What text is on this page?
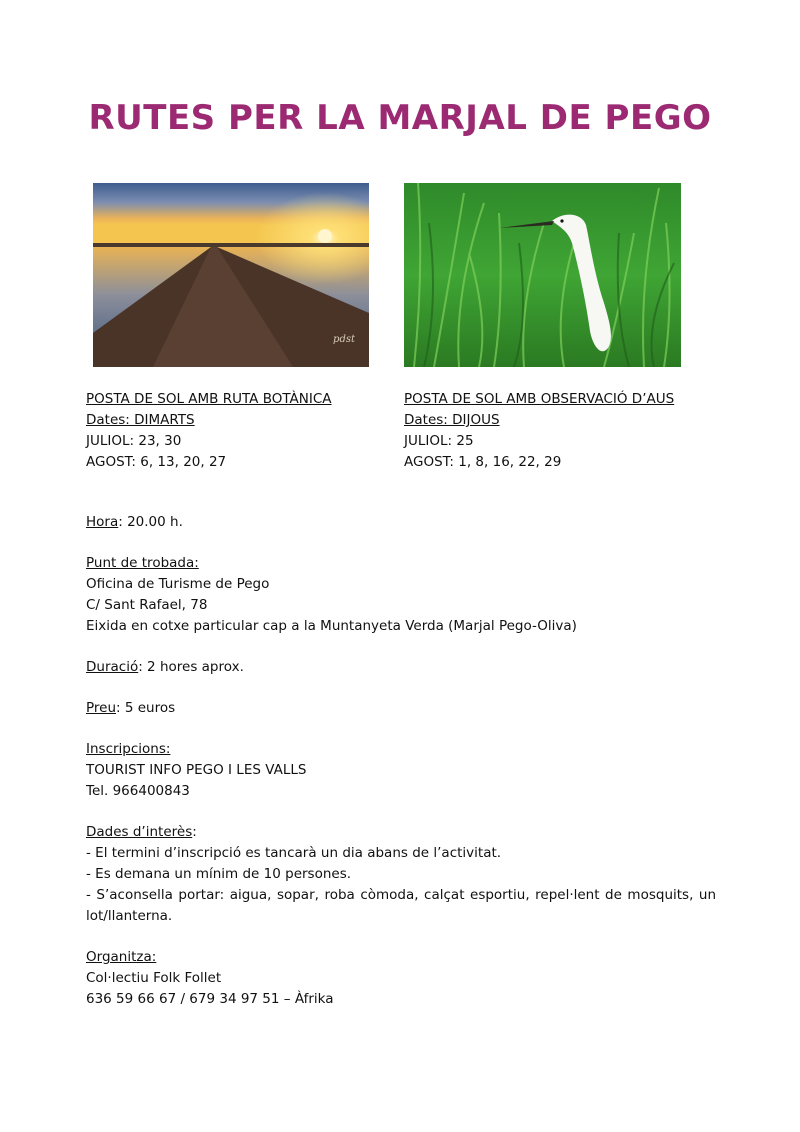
RUTES PER LA MARJAL DE PEGO
pdst
POSTA DE SOL AMB RUTA BOTÀNICA
Dates: DIMARTS
JULIOL: 23, 30
AGOST: 6, 13, 20, 27
POSTA DE SOL AMB OBSERVACIÓ D’AUS
Dates: DIJOUS
JULIOL: 25
AGOST: 1, 8, 16, 22, 29

Hora: 20.00 h.

Punt de trobada:

Oficina de Turisme de Pego

C/ Sant Rafael, 78

Eixida en cotxe particular cap a la Muntanyeta Verda (Marjal Pego-Oliva)

Duració: 2 hores aprox.

Preu: 5 euros

Inscripcions:

TOURIST INFO PEGO I LES VALLS

Tel. 966400843

Dades d’interès:

- El termini d’inscripció es tancarà un dia abans de l’activitat.

- Es demana un mínim de 10 persones.

- S’aconsella portar: aigua, sopar, roba còmoda, calçat esportiu, repel·lent de mosquits, un lot/llanterna.

Organitza:

Col·lectiu Folk Follet

636 59 66 67 / 679 34 97 51 – Àfrika
